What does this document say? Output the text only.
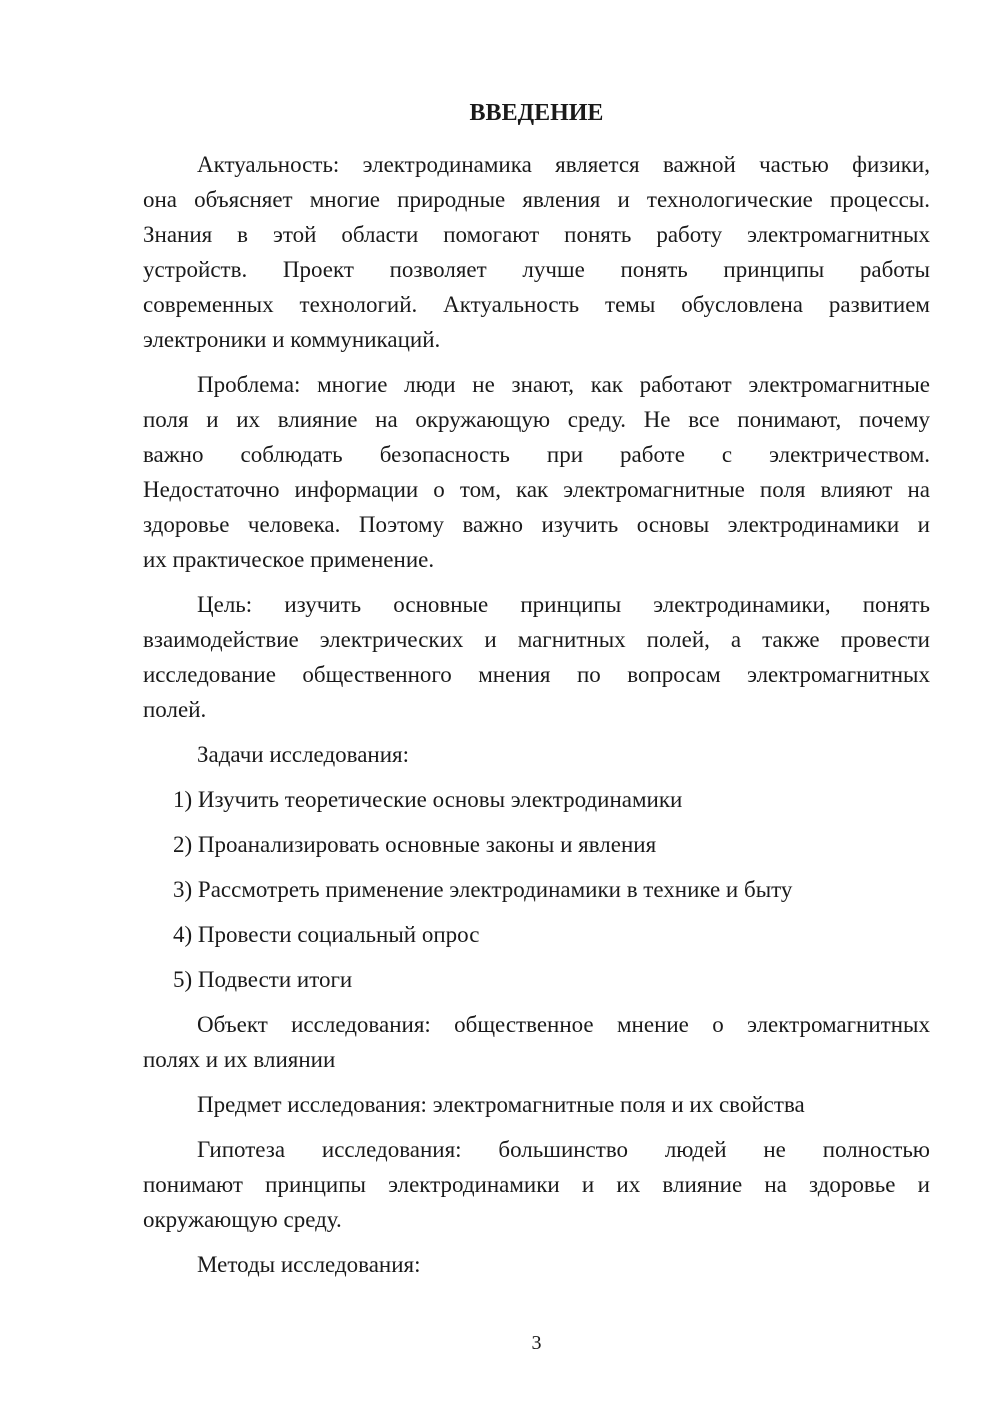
ВВЕДЕНИЕ
Актуальность: электродинамика является важной частью физики,
она объясняет многие природные явления и технологические процессы.
Знания в этой области помогают понять работу электромагнитных
устройств. Проект позволяет лучше понять принципы работы
современных технологий. Актуальность темы обусловлена развитием
электроники и коммуникаций.
Проблема: многие люди не знают, как работают электромагнитные
поля и их влияние на окружающую среду. Не все понимают, почему
важно соблюдать безопасность при работе с электричеством.
Недостаточно информации о том, как электромагнитные поля влияют на
здоровье человека. Поэтому важно изучить основы электродинамики и
их практическое применение.
Цель: изучить основные принципы электродинамики, понять
взаимодействие электрических и магнитных полей, а также провести
исследование общественного мнения по вопросам электромагнитных
полей.
Задачи исследования:
1) Изучить теоретические основы электродинамики
2) Проанализировать основные законы и явления
3) Рассмотреть применение электродинамики в технике и быту
4) Провести социальный опрос
5) Подвести итоги
Объект исследования: общественное мнение о электромагнитных
полях и их влиянии
Предмет исследования: электромагнитные поля и их свойства
Гипотеза исследования: большинство людей не полностью
понимают принципы электродинамики и их влияние на здоровье и
окружающую среду.
Методы исследования:
3
